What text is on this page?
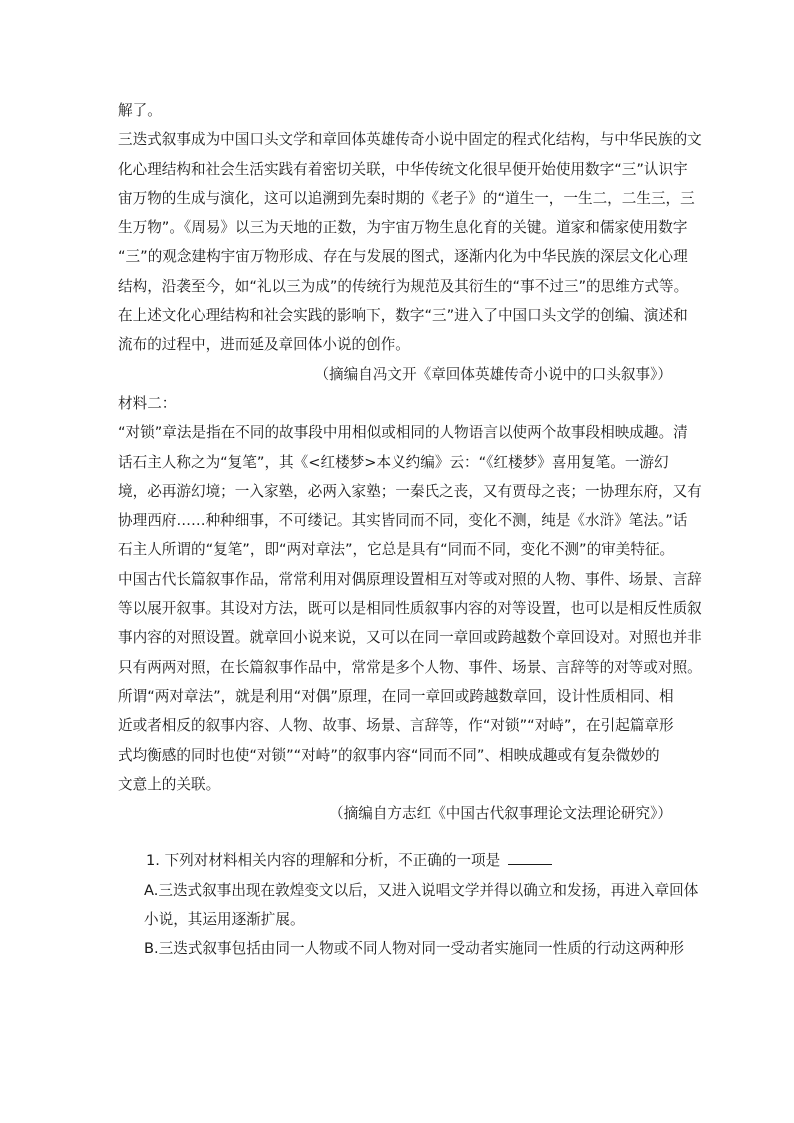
解了。
三迭式叙事成为中国口头文学和章回体英雄传奇小说中固定的程式化结构，与中华民族的文
化心理结构和社会生活实践有着密切关联，中华传统文化很早便开始使用数字“三”认识宇
宙万物的生成与演化，这可以追溯到先秦时期的《老子》的“道生一，一生二，二生三，三
生万物”。《周易》以三为天地的正数，为宇宙万物生息化育的关键。道家和儒家使用数字
“三”的观念建构宇宙万物形成、存在与发展的图式，逐渐内化为中华民族的深层文化心理
结构，沿袭至今，如“礼以三为成”的传统行为规范及其衍生的“事不过三”的思维方式等。
在上述文化心理结构和社会实践的影响下，数字“三”进入了中国口头文学的创编、演述和
流布的过程中，进而延及章回体小说的创作。
（摘编自冯文开《章回体英雄传奇小说中的口头叙事》）
材料二：
“对锁”章法是指在不同的故事段中用相似或相同的人物语言以使两个故事段相映成趣。清
话石主人称之为“复笔”，其《<红楼梦>本义约编》云：“《红楼梦》喜用复笔。一游幻
境，必再游幻境；一入家塾，必两入家塾；一秦氏之丧，又有贾母之丧；一协理东府，又有
协理西府……种种细事，不可缕记。其实皆同而不同，变化不测，纯是《水浒》笔法。”话
石主人所谓的“复笔”，即“两对章法”，它总是具有“同而不同，变化不测”的审美特征。
中国古代长篇叙事作品，常常利用对偶原理设置相互对等或对照的人物、事件、场景、言辞
等以展开叙事。其设对方法，既可以是相同性质叙事内容的对等设置，也可以是相反性质叙
事内容的对照设置。就章回小说来说，又可以在同一章回或跨越数个章回设对。对照也并非
只有两两对照，在长篇叙事作品中，常常是多个人物、事件、场景、言辞等的对等或对照。
所谓“两对章法”，就是利用“对偶”原理，在同一章回或跨越数章回，设计性质相同、相
近或者相反的叙事内容、人物、故事、场景、言辞等，作“对锁”“对峙”，在引起篇章形
式均衡感的同时也使“对锁”“对峙”的叙事内容“同而不同”、相映成趣或有复杂微妙的
文意上的关联。
（摘编自方志红《中国古代叙事理论文法理论研究》）
1. 下列对材料相关内容的理解和分析，不正确的一项是
A.三迭式叙事出现在敦煌变文以后，又进入说唱文学并得以确立和发扬，再进入章回体
小说，其运用逐渐扩展。
B.三迭式叙事包括由同一人物或不同人物对同一受动者实施同一性质的行动这两种形
